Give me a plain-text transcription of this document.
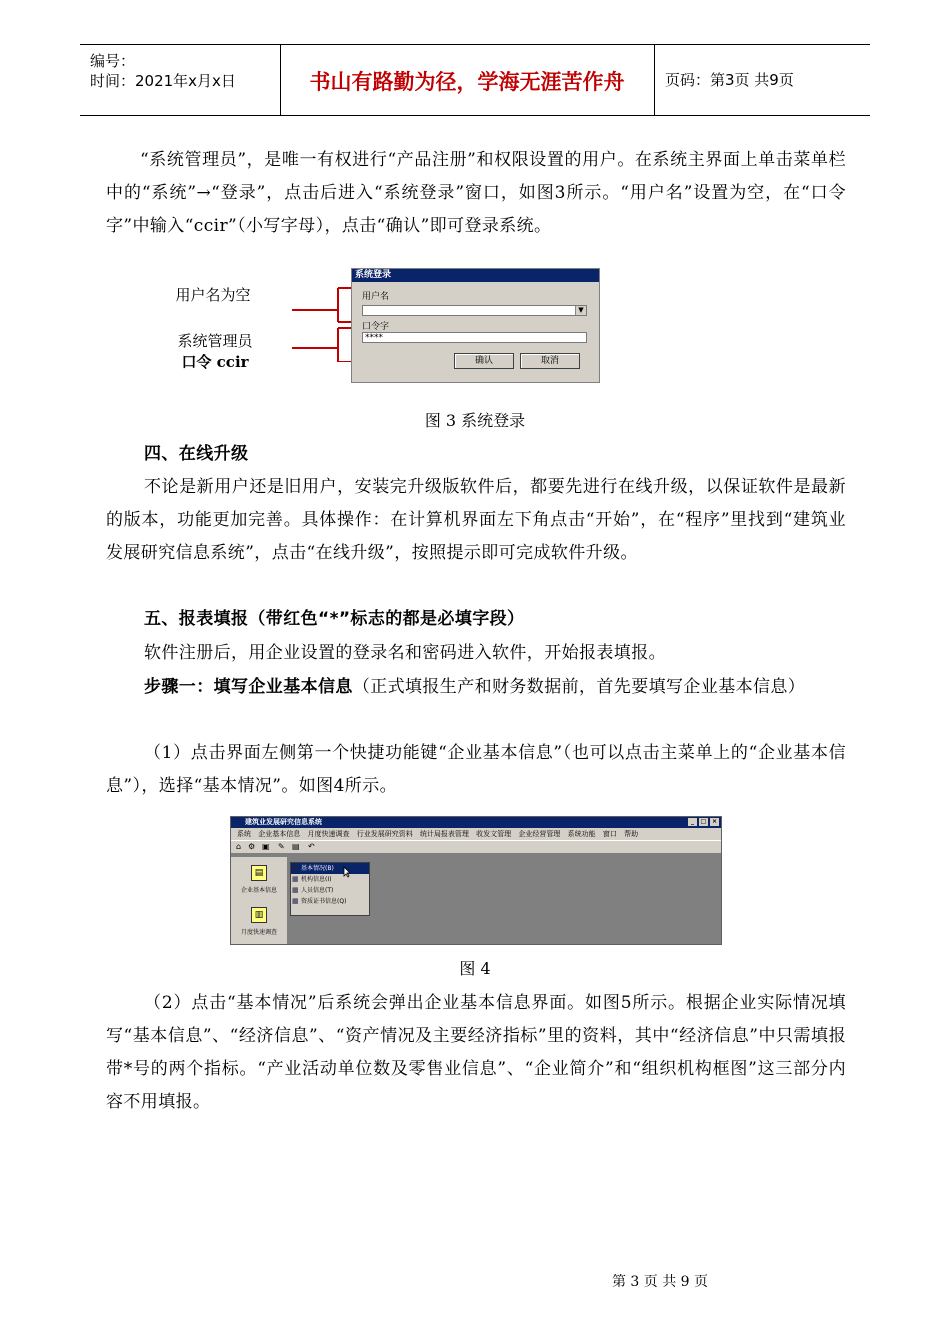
编号：
时间：2021年x月x日	书山有路勤为径，学海无涯苦作舟	页码：第3页 共9页
“系统管理员”，是唯一有权进行“产品注册”和权限设置的用户。在系统主界面上单击菜单栏中的“系统”→“登录”，点击后进入“系统登录”窗口，如图3所示。“用户名”设置为空，在“口令字”中输入“ccir”（小写字母），点击“确认”即可登录系统。
用户名为空
系统管理员
口令 ccir
系统登录
用户名
▼
口令字
****
确认	取消
图 3 系统登录
四、在线升级
不论是新用户还是旧用户，安装完升级版软件后，都要先进行在线升级，以保证软件是最新的版本，功能更加完善。具体操作：在计算机界面左下角点击“开始”，在“程序”里找到“建筑业发展研究信息系统”，点击“在线升级”，按照提示即可完成软件升级。
五、报表填报（带红色“*”标志的都是必填字段）
软件注册后，用企业设置的登录名和密码进入软件，开始报表填报。
步骤一：填写企业基本信息（正式填报生产和财务数据前，首先要填写企业基本信息）
（1）点击界面左侧第一个快捷功能键“企业基本信息”（也可以点击主菜单上的“企业基本信息”），选择“基本情况”。如图4所示。
建筑业发展研究信息系统	_	□ ×
系统 企业基本信息 月度快速调查 行业发展研究资料 统计局报表管理 收发文管理 企业经营管理 系统功能 窗口 帮助
⌂ ⚙ ▣ ✎ ▤ ↶
▤
企业基本信息
▥
月度快速调查
▦ 基本情况(B)
▦ 机构信息(I)
▦ 人员信息(T)
▦ 资质证书信息(Q)
图 4
（2）点击“基本情况”后系统会弹出企业基本信息界面。如图5所示。根据企业实际情况填写“基本信息”、“经济信息”、“资产情况及主要经济指标”里的资料，其中“经济信息”中只需填报带*号的两个指标。“产业活动单位数及零售业信息”、“企业简介”和“组织机构框图”这三部分内容不用填报。
第 3 页 共 9 页
